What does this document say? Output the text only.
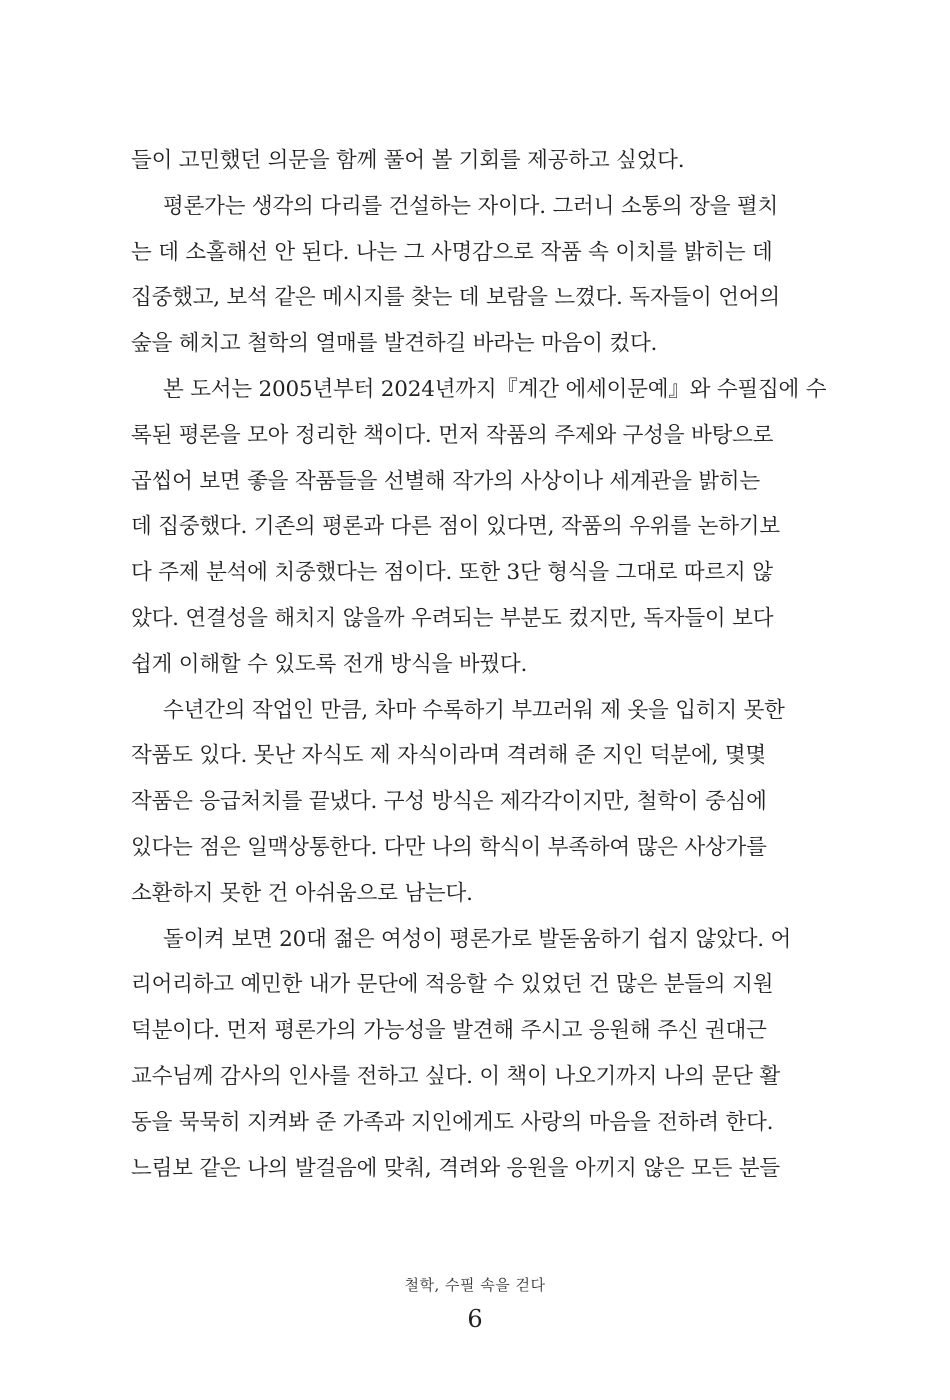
들이 고민했던 의문을 함께 풀어 볼 기회를 제공하고 싶었다.
평론가는 생각의 다리를 건설하는 자이다. 그러니 소통의 장을 펼치
는 데 소홀해선 안 된다. 나는 그 사명감으로 작품 속 이치를 밝히는 데
집중했고, 보석 같은 메시지를 찾는 데 보람을 느꼈다. 독자들이 언어의
숲을 헤치고 철학의 열매를 발견하길 바라는 마음이 컸다.
본 도서는 2005년부터 2024년까지『계간 에세이문예』와 수필집에 수
록된 평론을 모아 정리한 책이다. 먼저 작품의 주제와 구성을 바탕으로
곱씹어 보면 좋을 작품들을 선별해 작가의 사상이나 세계관을 밝히는
데 집중했다. 기존의 평론과 다른 점이 있다면, 작품의 우위를 논하기보
다 주제 분석에 치중했다는 점이다. 또한 3단 형식을 그대로 따르지 않
았다. 연결성을 해치지 않을까 우려되는 부분도 컸지만, 독자들이 보다
쉽게 이해할 수 있도록 전개 방식을 바꿨다.
수년간의 작업인 만큼, 차마 수록하기 부끄러워 제 옷을 입히지 못한
작품도 있다. 못난 자식도 제 자식이라며 격려해 준 지인 덕분에, 몇몇
작품은 응급처치를 끝냈다. 구성 방식은 제각각이지만, 철학이 중심에
있다는 점은 일맥상통한다. 다만 나의 학식이 부족하여 많은 사상가를
소환하지 못한 건 아쉬움으로 남는다.
돌이켜 보면 20대 젊은 여성이 평론가로 발돋움하기 쉽지 않았다. 어
리어리하고 예민한 내가 문단에 적응할 수 있었던 건 많은 분들의 지원
덕분이다. 먼저 평론가의 가능성을 발견해 주시고 응원해 주신 권대근
교수님께 감사의 인사를 전하고 싶다. 이 책이 나오기까지 나의 문단 활
동을 묵묵히 지켜봐 준 가족과 지인에게도 사랑의 마음을 전하려 한다.
느림보 같은 나의 발걸음에 맞춰, 격려와 응원을 아끼지 않은 모든 분들
철학, 수필 속을 걷다
6
